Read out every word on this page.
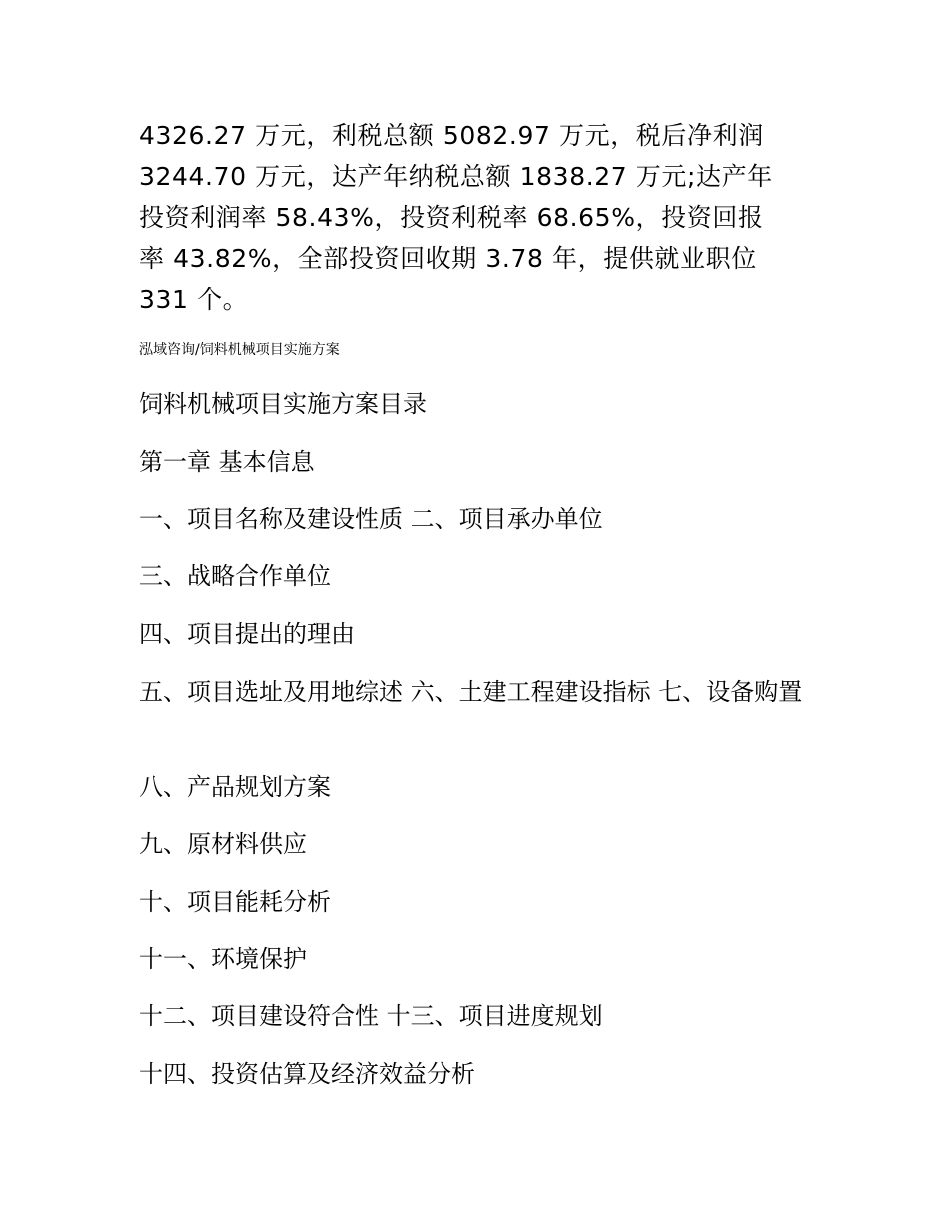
4326.27 万元，利税总额 5082.97 万元，税后净利润
3244.70 万元，达产年纳税总额 1838.27 万元;达产年
投资利润率 58.43%，投资利税率 68.65%，投资回报
率 43.82%，全部投资回收期 3.78 年，提供就业职位
331 个。
泓域咨询/饲料机械项目实施方案
饲料机械项目实施方案目录
第一章 基本信息
一、项目名称及建设性质 二、项目承办单位
三、战略合作单位
四、项目提出的理由
五、项目选址及用地综述 六、土建工程建设指标 七、设备购置
八、产品规划方案
九、原材料供应
十、项目能耗分析
十一、环境保护
十二、项目建设符合性 十三、项目进度规划
十四、投资估算及经济效益分析
